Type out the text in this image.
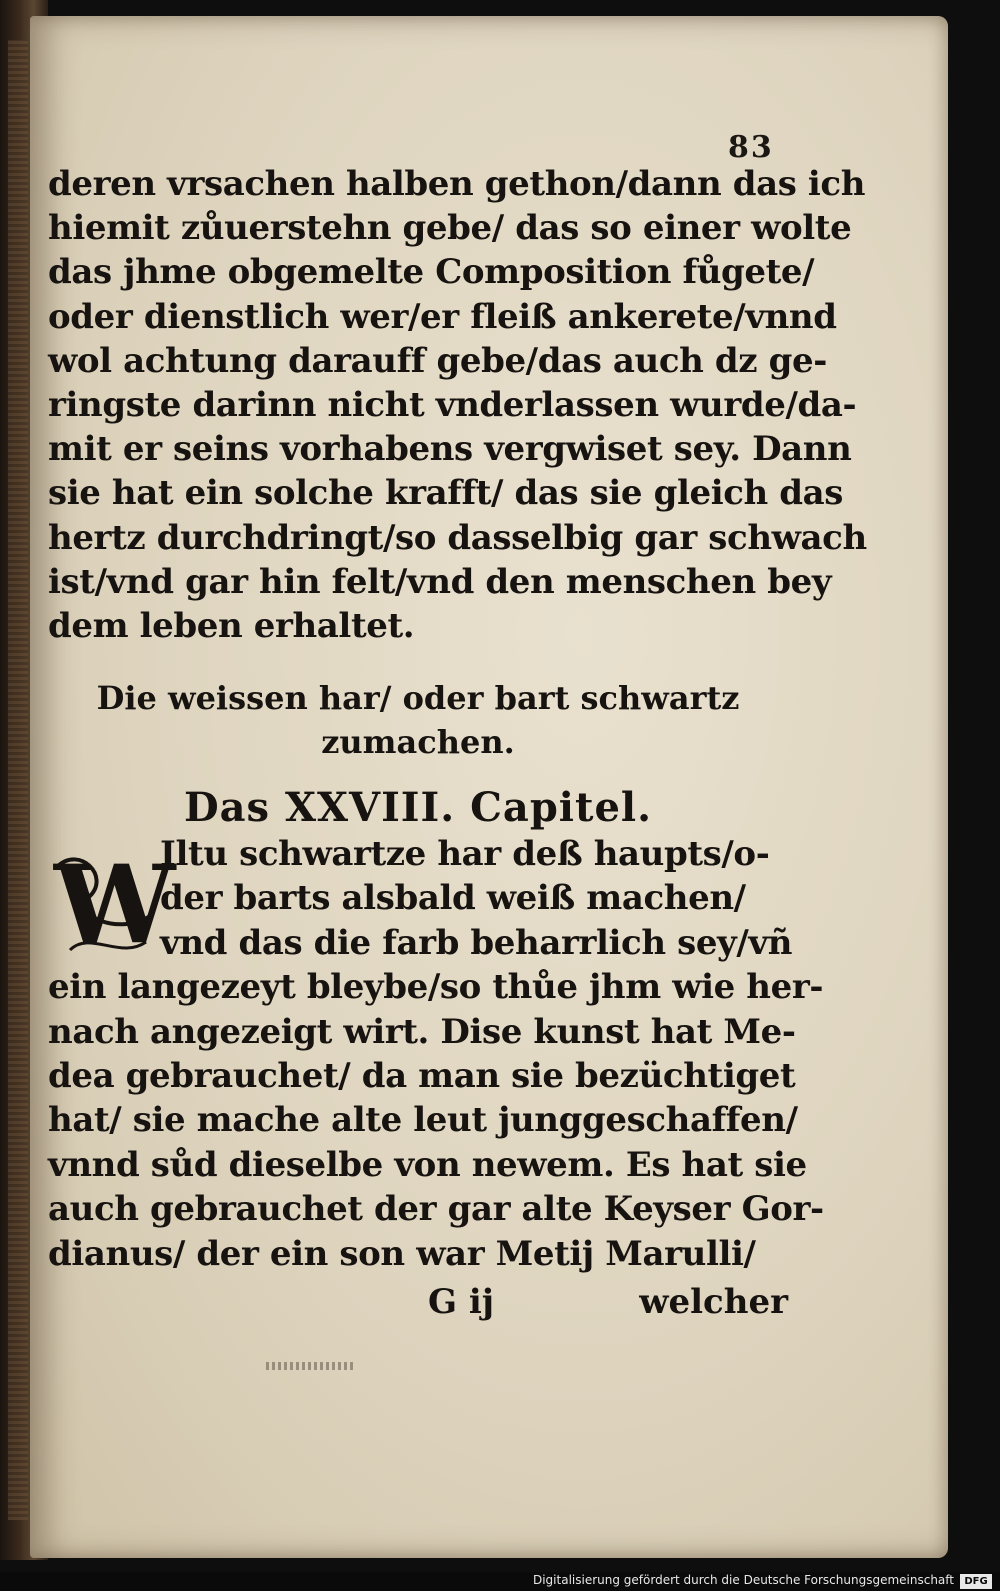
83
deren vrsachen halben gethon/dann das ich
hiemit zůuerstehn gebe/ das so einer wolte
das jhme obgemelte Composition fůgete/
oder dienstlich wer/er fleiß ankerete/vnnd
wol achtung darauff gebe/das auch dz ge-
ringste darinn nicht vnderlassen wurde/da-
mit er seins vorhabens vergwiset sey. Dann
sie hat ein solche krafft/ das sie gleich das
hertz durchdringt/so dasselbig gar schwach
ist/vnd gar hin felt/vnd den menschen bey
dem leben erhaltet.
Die weissen har/ oder bart schwartz
zumachen.
Das XXVIII. Capitel.
W
Iltu schwartze har deß haupts/o-
der barts alsbald weiß machen/
vnd das die farb beharrlich sey/vñ
ein langezeyt bleybe/so thůe jhm wie her-
nach angezeigt wirt. Dise kunst hat Me-
dea gebrauchet/ da man sie bezüchtiget
hat/ sie mache alte leut junggeschaffen/
vnnd sůd dieselbe von newem. Es hat sie
auch gebrauchet der gar alte Keyser Gor-
dianus/ der ein son war Metij Marulli/
G ij	welcher
Digitalisierung gefördert durch die Deutsche Forschungsgemeinschaft	DFG
